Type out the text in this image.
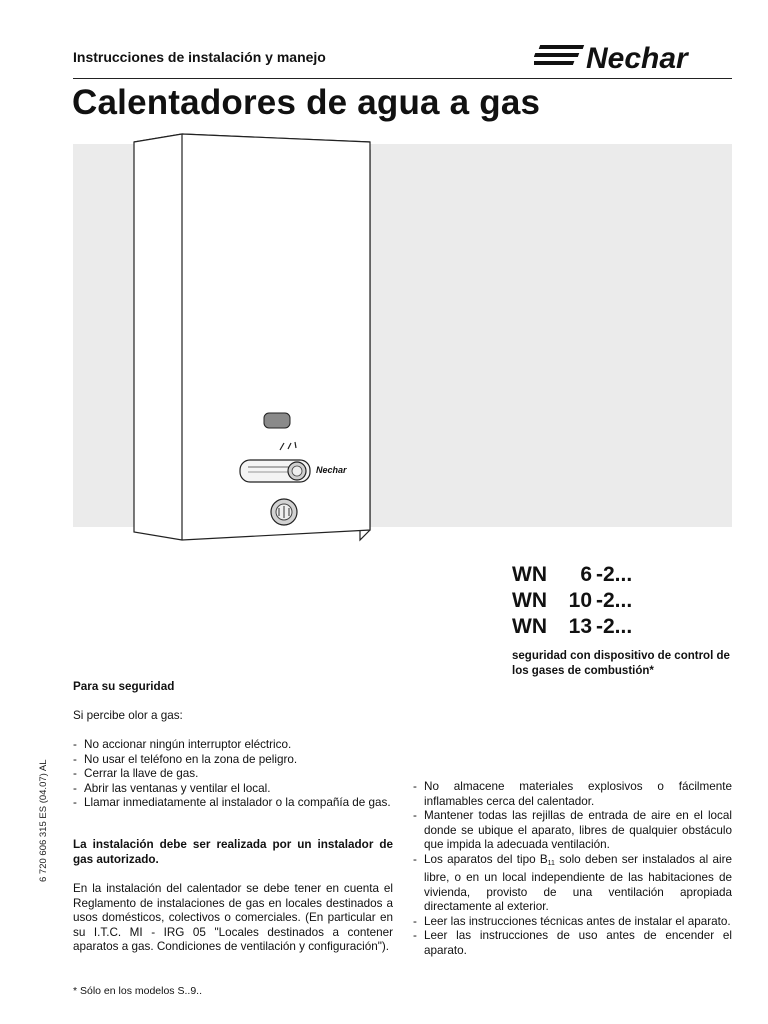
Instrucciones de instalación y manejo	Nechar
Calentadores de agua a gas
Nechar
WN 6 -2...
WN 10 -2...
WN 13 -2...
seguridad con dispositivo de control de los gases de combustión*
6 720 606 315 ES (04.07) AL
Para su seguridad
Si percibe olor a gas:
- No accionar ningún interruptor eléctrico.
- No usar el teléfono en la zona de peligro.
- Cerrar la llave de gas.
- Abrir las ventanas y ventilar el local.
- Llamar inmediatamente al instalador o la compañía de gas.
La instalación debe ser realizada por un instalador de gas autorizado.
En la instalación del calentador se debe tener en cuenta el Reglamento de instalaciones de gas en locales destinados a usos domésticos, colectivos o comerciales. (En particular en su I.T.C. MI - IRG 05 "Locales destinados a contener aparatos a gas. Condiciones de ventilación y configuración").
* Sólo en los modelos S..9..
- No almacene materiales explosivos o fácilmente inflamables cerca del calentador.
- Mantener todas las rejillas de entrada de aire en el local donde se ubique el aparato, libres de qualquier obstáculo que impida la adecuada ventilación.
- Los aparatos del tipo $B_{11}$ solo deben ser instalados al aire libre, o en un local independiente de las habitaciones de vivienda, provisto de una ventilación apropiada directamente al exterior.
- Leer las instrucciones técnicas antes de instalar el aparato.
- Leer las instrucciones de uso antes de encender el aparato.
